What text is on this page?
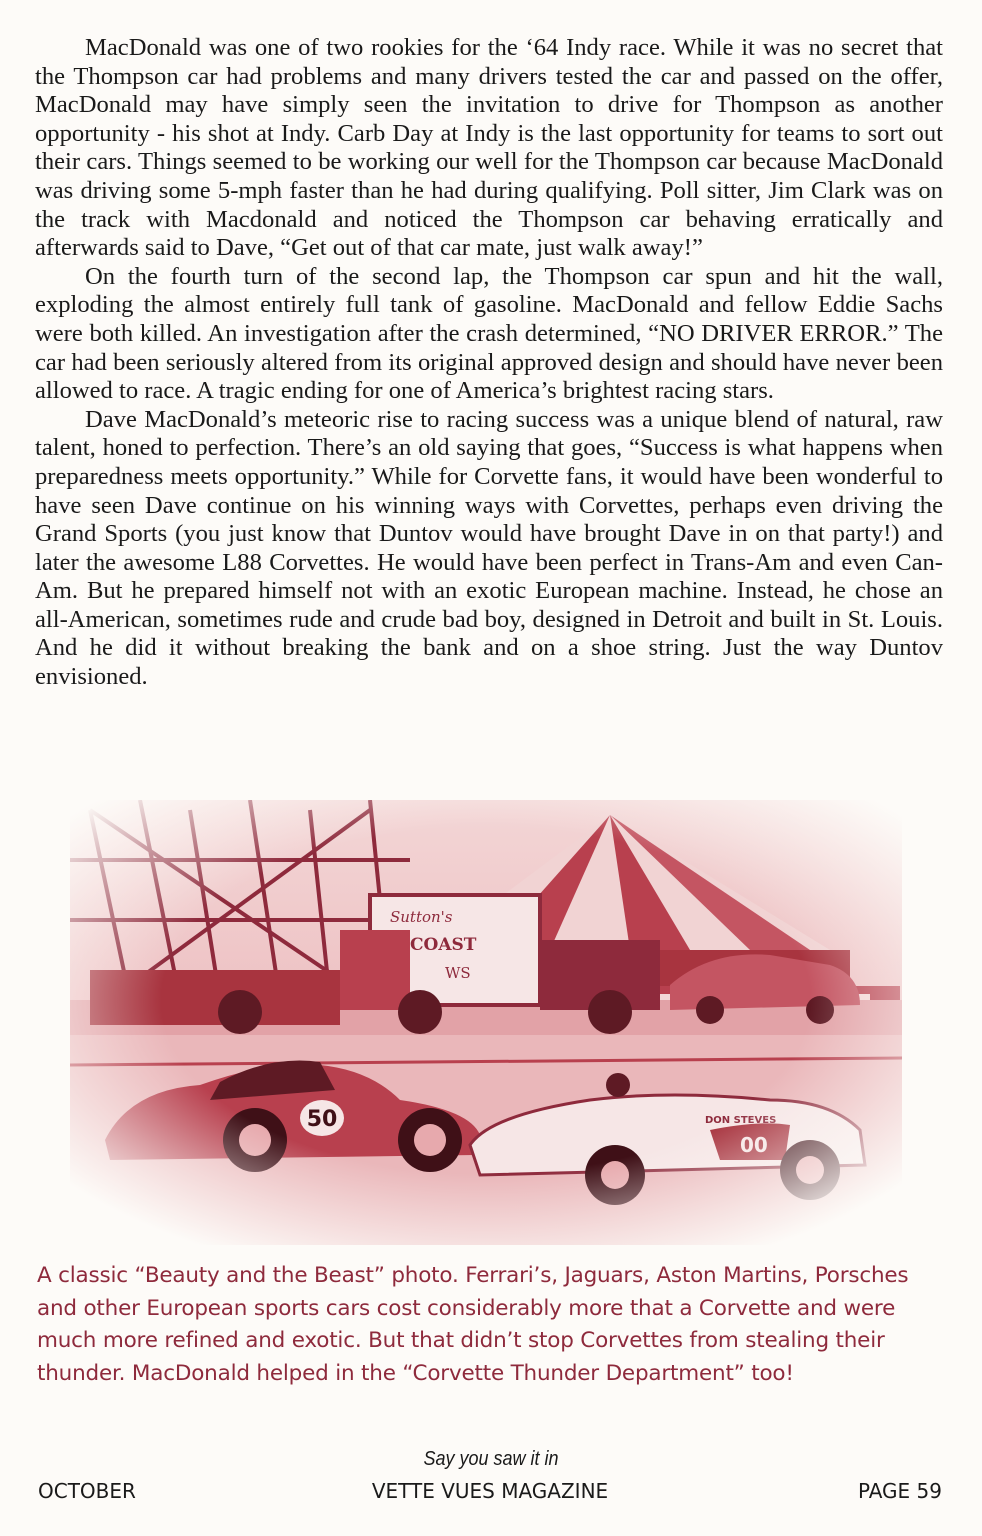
MacDonald was one of two rookies for the ‘64 Indy race. While it was no secret that the Thompson car had problems and many drivers tested the car and passed on the offer, MacDonald may have simply seen the invitation to drive for Thompson as another opportunity - his shot at Indy. Carb Day at Indy is the last opportunity for teams to sort out their cars. Things seemed to be working our well for the Thompson car because MacDonald was driving some 5-mph faster than he had during qualifying. Poll sitter, Jim Clark was on the track with Macdonald and noticed the Thompson car behaving erratically and afterwards said to Dave, “Get out of that car mate, just walk away!”

On the fourth turn of the second lap, the Thompson car spun and hit the wall, exploding the almost entirely full tank of gasoline. MacDonald and fellow Eddie Sachs were both killed. An investigation after the crash determined, “NO DRIVER ERROR.” The car had been seriously altered from its original approved design and should have never been allowed to race. A tragic ending for one of America’s brightest racing stars.

Dave MacDonald’s meteoric rise to racing success was a unique blend of natural, raw talent, honed to perfection. There’s an old saying that goes, “Success is what happens when preparedness meets opportunity.” While for Corvette fans, it would have been wonderful to have seen Dave continue on his winning ways with Corvettes, perhaps even driving the Grand Sports (you just know that Duntov would have brought Dave in on that party!) and later the awesome L88 Corvettes. He would have been perfect in Trans-Am and even Can-Am. But he prepared himself not with an exotic European machine. Instead, he chose an all-American, sometimes rude and crude bad boy, designed in Detroit and built in St. Louis. And he did it without breaking the bank and on a shoe string. Just the way Duntov envisioned.

A classic “Beauty and the Beast” photo. Ferrari’s, Jaguars, Aston Martins, Porsches and other European sports cars cost considerably more that a Corvette and were much more refined and exotic. But that didn’t stop Corvettes from stealing their thunder. MacDonald helped in the “Corvette Thunder Department” too!
Say you saw it in
OCTOBER	VETTE VUES MAGAZINE	PAGE 59
